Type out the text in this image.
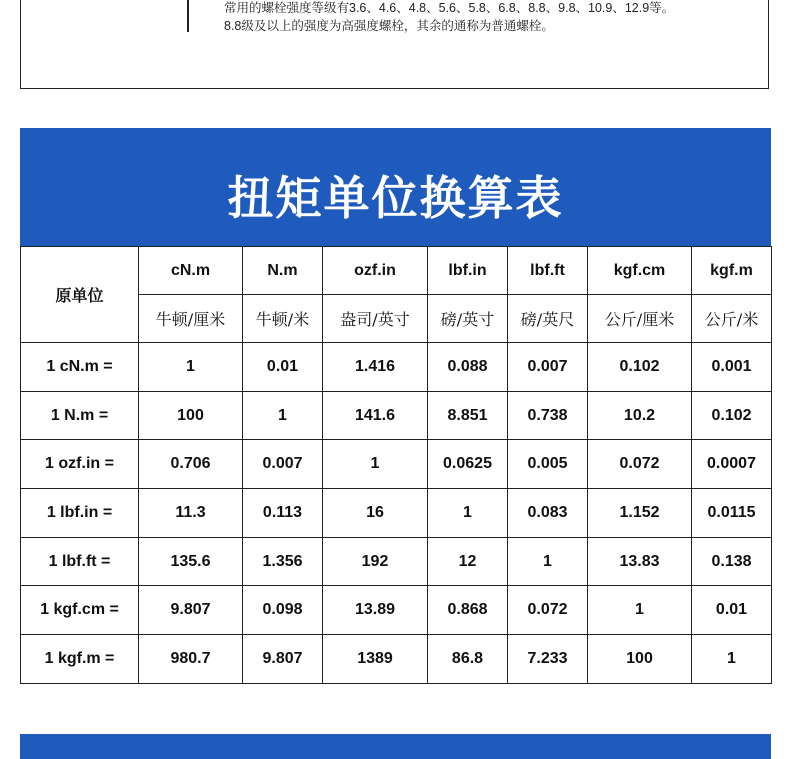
常用的螺栓强度等级有3.6、4.6、4.8、5.6、5.8、6.8、8.8、9.8、10.9、12.9等。
8.8级及以上的强度为高强度螺栓，其余的通称为普通螺栓。
扭矩单位换算表
原单位	cN.m	N.m	ozf.in	lbf.in	lbf.ft	kgf.cm	kgf.m
	牛顿/厘米	牛顿/米	盎司/英寸	磅/英寸	磅/英尺	公斤/厘米	公斤/米
1 cN.m =	1	0.01	1.416	0.088	0.007	0.102	0.001
1 N.m =	100	1	141.6	8.851	0.738	10.2	0.102
1 ozf.in =	0.706	0.007	1	0.0625	0.005	0.072	0.0007
1 lbf.in =	11.3	0.113	16	1	0.083	1.152	0.0115
1 lbf.ft =	135.6	1.356	192	12	1	13.83	0.138
1 kgf.cm =	9.807	0.098	13.89	0.868	0.072	1	0.01
1 kgf.m =	980.7	9.807	1389	86.8	7.233	100	1
